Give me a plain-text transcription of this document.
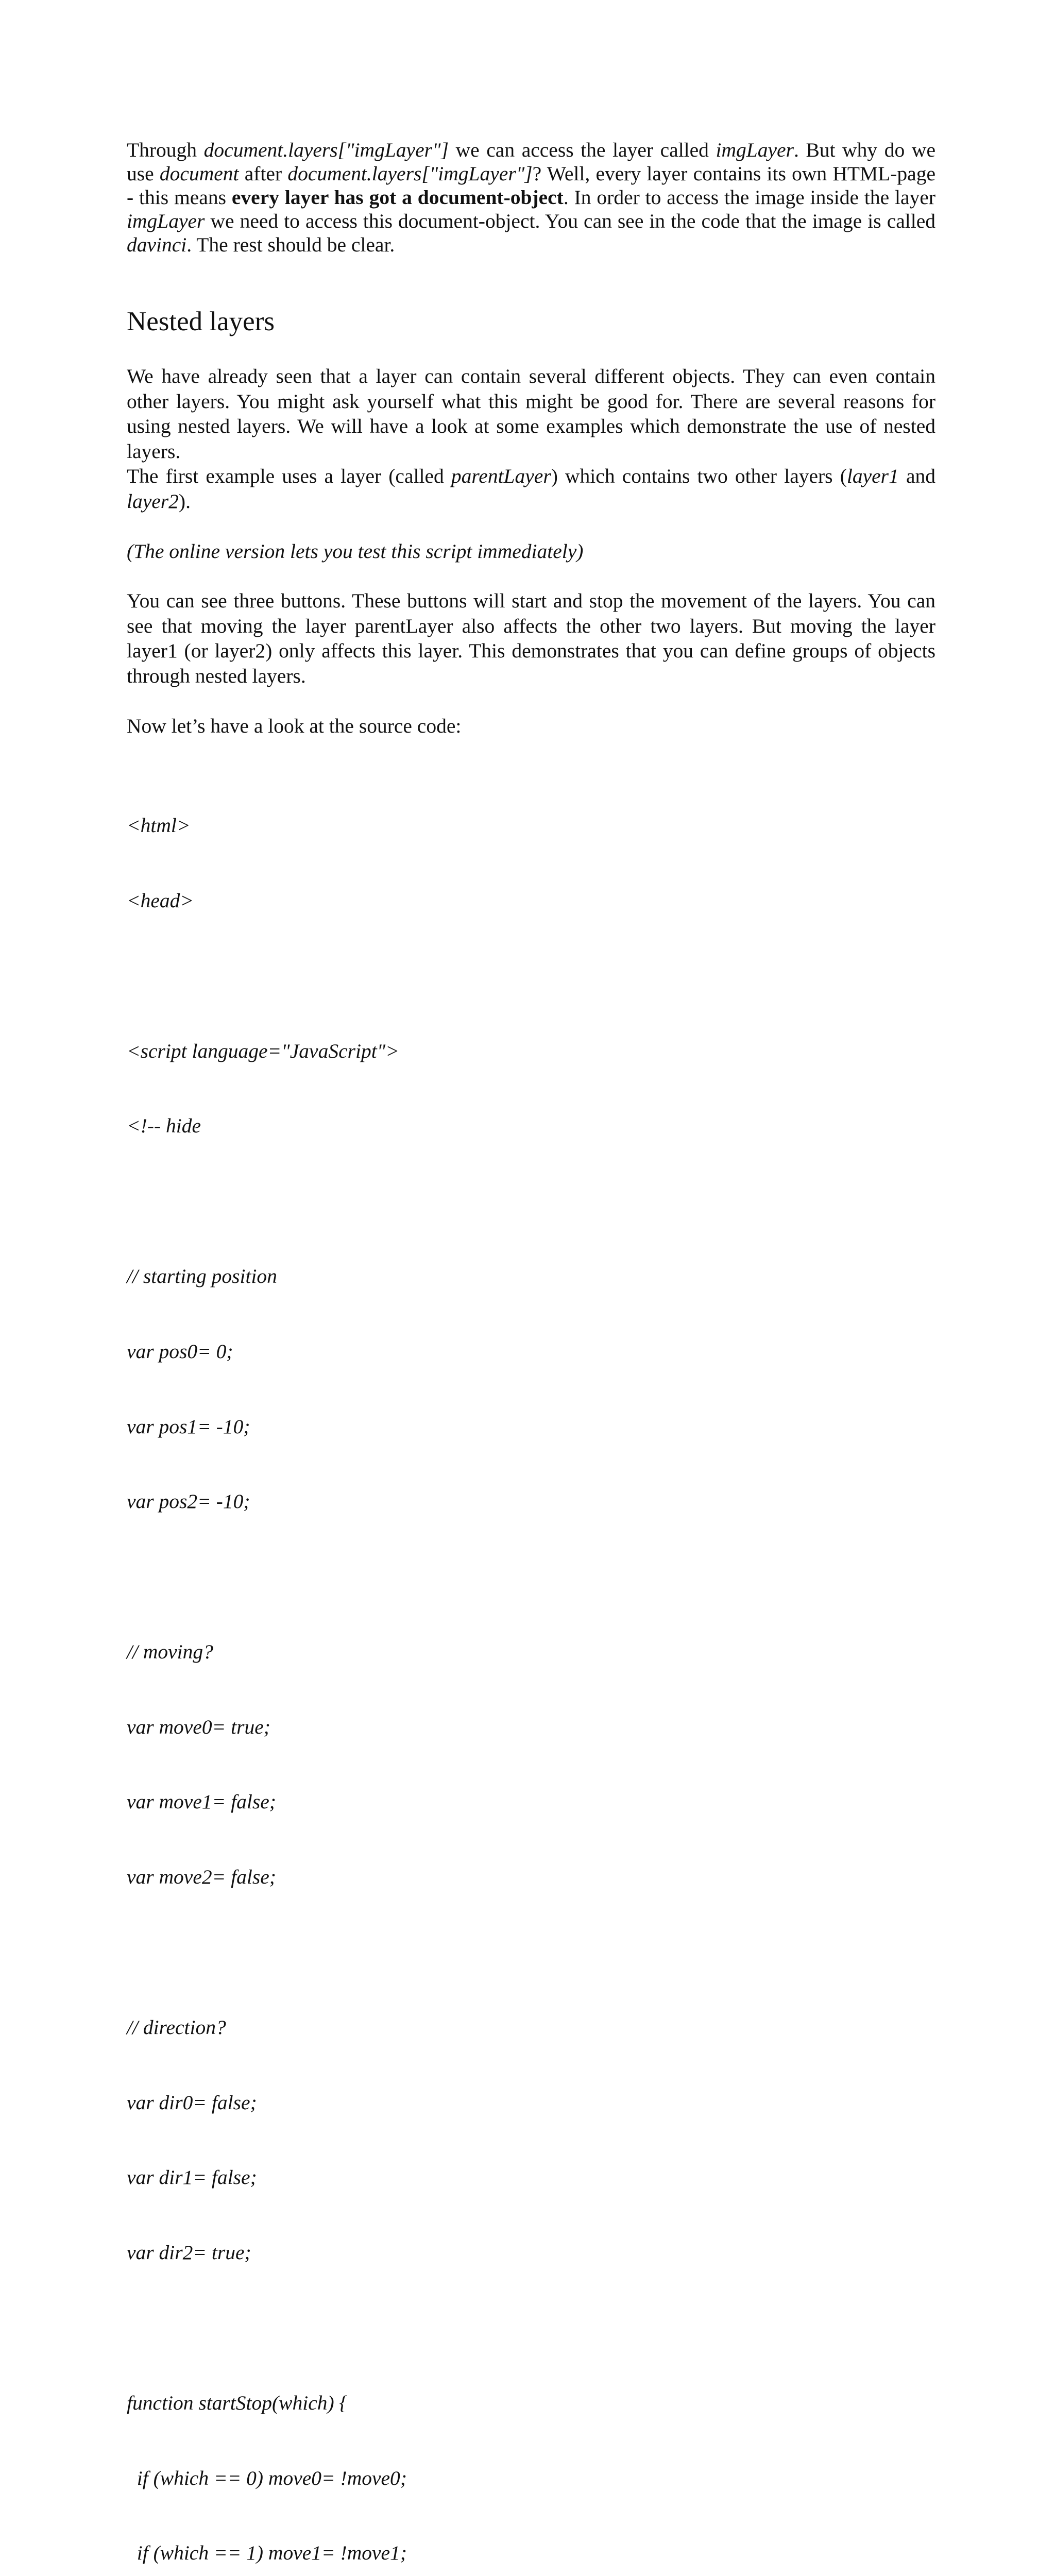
Through document.layers["imgLayer"] we can access the layer called imgLayer. But why do we use document after document.layers["imgLayer"]? Well, every layer contains its own HTML-page - this means every layer has got a document-object. In order to access the image inside the layer imgLayer we need to access this document-object. You can see in the code that the image is called davinci. The rest should be clear.

Nested layers

We have already seen that a layer can contain several different objects. They can even contain other layers. You might ask yourself what this might be good for. There are several reasons for using nested layers. We will have a look at some examples which demonstrate the use of nested layers.
The first example uses a layer (called parentLayer) which contains two other layers (layer1 and layer2).

(The online version lets you test this script immediately)

You can see three buttons. These buttons will start and stop the movement of the layers. You can see that moving the layer parentLayer also affects the other two layers. But moving the layer layer1 (or layer2) only affects this layer. This demonstrates that you can define groups of objects through nested layers.

Now let’s have a look at the source code:

<html>

<head>

<script language="JavaScript">

<!-- hide

// starting position

var pos0= 0;

var pos1= -10;

var pos2= -10;

// moving?

var move0= true;

var move1= false;

var move2= false;

// direction?

var dir0= false;

var dir1= false;

var dir2= true;

function startStop(which) {

if (which == 0) move0= !move0;

if (which == 1) move1= !move1;
